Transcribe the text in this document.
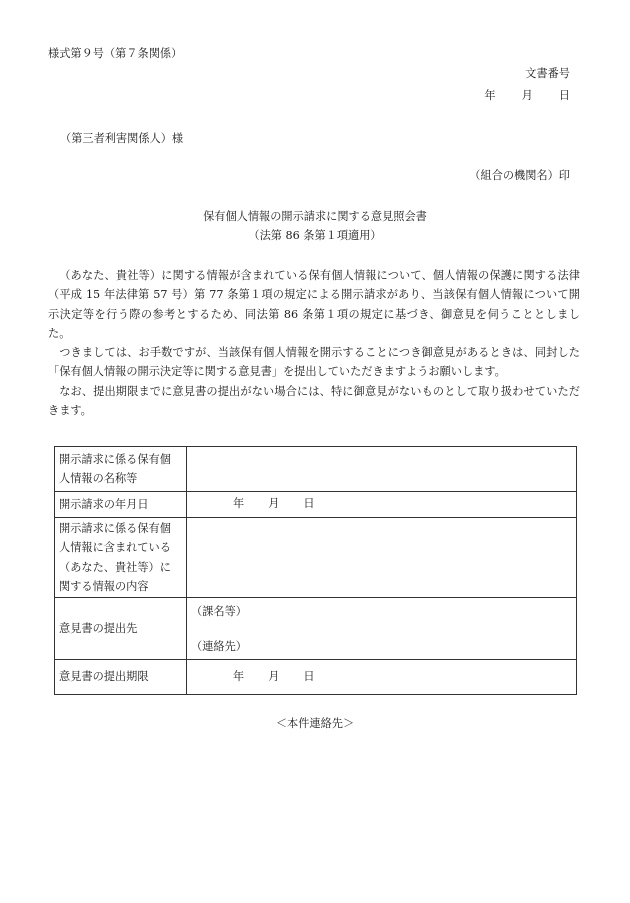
様式第９号（第７条関係）
文書番号
年 月 日
（第三者利害関係人）様
（組合の機関名）印
保有個人情報の開示請求に関する意見照会書
（法第 86 条第１項適用）

（あなた、貴社等）に関する情報が含まれている保有個人情報について、個人情報の保護に関する法律（平成 15 年法律第 57 号）第 77 条第１項の規定による開示請求があり、当該保有個人情報について開示決定等を行う際の参考とするため、同法第 86 条第１項の規定に基づき、御意見を伺うこととしました。

つきましては、お手数ですが、当該保有個人情報を開示することにつき御意見があるときは、同封した「保有個人情報の開示決定等に関する意見書」を提出していただきますようお願いします。

なお、提出期限までに意見書の提出がない場合には、特に御意見がないものとして取り扱わせていただきます。

開示請求に係る保有個人情報の名称等	
開示請求の年月日	年 月 日
開示請求に係る保有個人情報に含まれている（あなた、貴社等）に関する情報の内容	
意見書の提出先	（課名等）
（連絡先）

意見書の提出期限	年 月 日
＜本件連絡先＞
